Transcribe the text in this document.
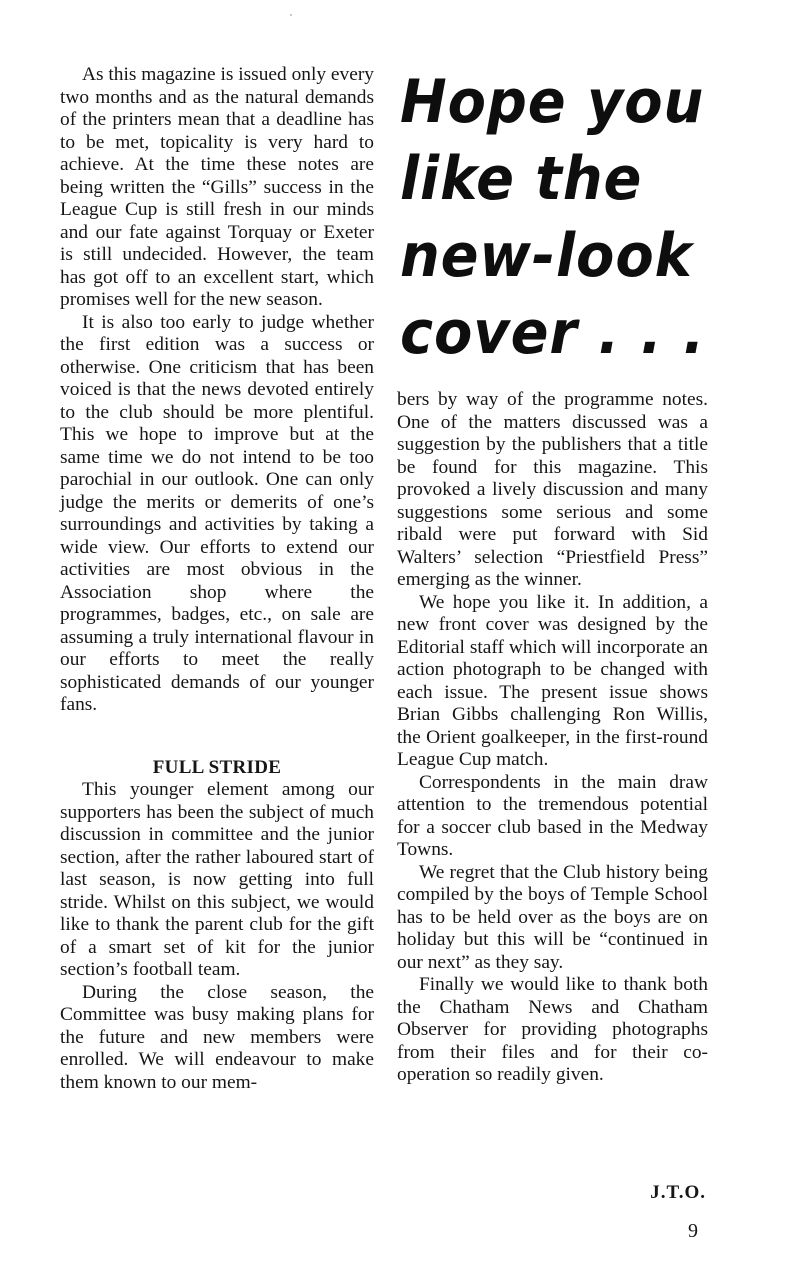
As this magazine is issued only every two months and as the natural demands of the printers mean that a deadline has to be met, topicality is very hard to achieve. At the time these notes are being written the “Gills” success in the League Cup is still fresh in our minds and our fate against Torquay or Exeter is still undecided. However, the team has got off to an excellent start, which promises well for the new season.

It is also too early to judge whether the first edition was a success or otherwise. One criticism that has been voiced is that the news devoted entirely to the club should be more plentiful. This we hope to improve but at the same time we do not intend to be too parochial in our outlook. One can only judge the merits or demerits of one’s surroundings and activities by taking a wide view. Our efforts to extend our activities are most obvious in the Association shop where the programmes, badges, etc., on sale are assuming a truly international flavour in our efforts to meet the really sophisticated demands of our younger fans.

FULL STRIDE

This younger element among our supporters has been the subject of much discussion in committee and the junior section, after the rather laboured start of last season, is now getting into full stride. Whilst on this subject, we would like to thank the parent club for the gift of a smart set of kit for the junior section’s football team.

During the close season, the Committee was busy making plans for the future and new members were enrolled. We will endeavour to make them known to our mem-

Hope you
like the
new-look
cover . . .

bers by way of the programme notes. One of the matters discussed was a suggestion by the publishers that a title be found for this magazine. This provoked a lively discussion and many suggestions some serious and some ribald were put forward with Sid Walters’ selection “Priestfield Press” emerging as the winner.

We hope you like it. In addition, a new front cover was designed by the Editorial staff which will incorporate an action photograph to be changed with each issue. The present issue shows Brian Gibbs challenging Ron Willis, the Orient goalkeeper, in the first-round League Cup match.

Correspondents in the main draw attention to the tremendous potential for a soccer club based in the Medway Towns.

We regret that the Club history being compiled by the boys of Temple School has to be held over as the boys are on holiday but this will be “continued in our next” as they say.

Finally we would like to thank both the Chatham News and Chatham Observer for providing photographs from their files and for their co-operation so readily given.

J.T.O.
9
